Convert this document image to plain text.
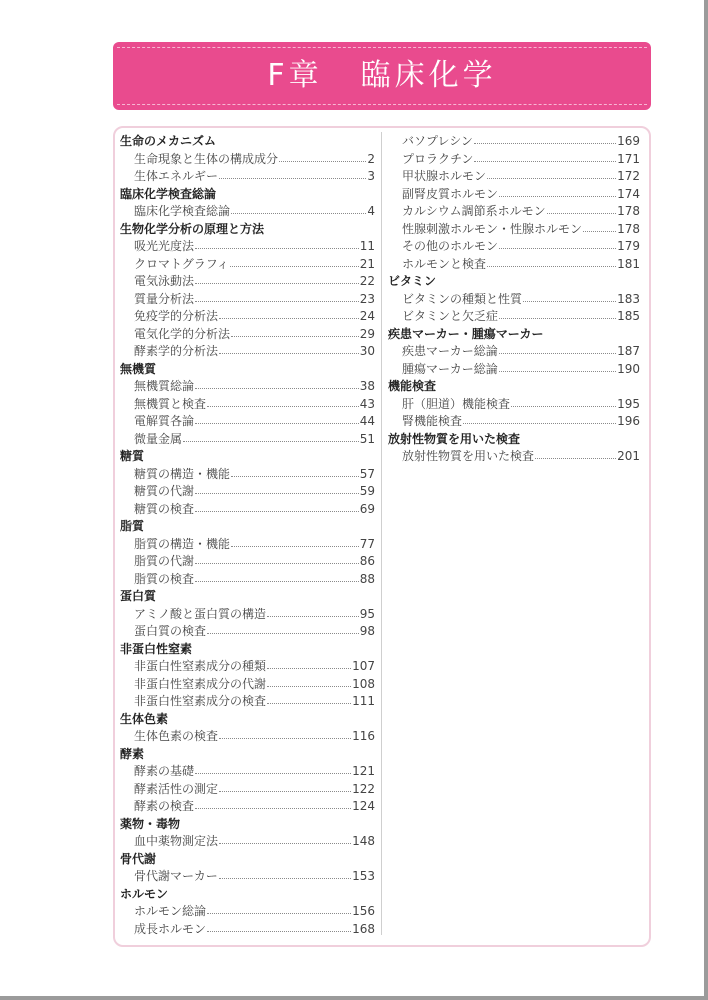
F章 臨床化学
生命のメカニズム
生命現象と生体の構成成分	2
生体エネルギー	3
臨床化学検査総論
臨床化学検査総論	4
生物化学分析の原理と方法
吸光光度法	11
クロマトグラフィ	21
電気泳動法	22
質量分析法	23
免疫学的分析法	24
電気化学的分析法	29
酵素学的分析法	30
無機質
無機質総論	38
無機質と検査	43
電解質各論	44
微量金属	51
糖質
糖質の構造・機能	57
糖質の代謝	59
糖質の検査	69
脂質
脂質の構造・機能	77
脂質の代謝	86
脂質の検査	88
蛋白質
アミノ酸と蛋白質の構造	95
蛋白質の検査	98
非蛋白性窒素
非蛋白性窒素成分の種類	107
非蛋白性窒素成分の代謝	108
非蛋白性窒素成分の検査	111
生体色素
生体色素の検査	116
酵素
酵素の基礎	121
酵素活性の測定	122
酵素の検査	124
薬物・毒物
血中薬物測定法	148
骨代謝
骨代謝マーカー	153
ホルモン
ホルモン総論	156
成長ホルモン	168
バソプレシン	169
プロラクチン	171
甲状腺ホルモン	172
副腎皮質ホルモン	174
カルシウム調節系ホルモン	178
性腺刺激ホルモン・性腺ホルモン	178
その他のホルモン	179
ホルモンと検査	181
ビタミン
ビタミンの種類と性質	183
ビタミンと欠乏症	185
疾患マーカー・腫瘍マーカー
疾患マーカー総論	187
腫瘍マーカー総論	190
機能検査
肝（胆道）機能検査	195
腎機能検査	196
放射性物質を用いた検査
放射性物質を用いた検査	201
